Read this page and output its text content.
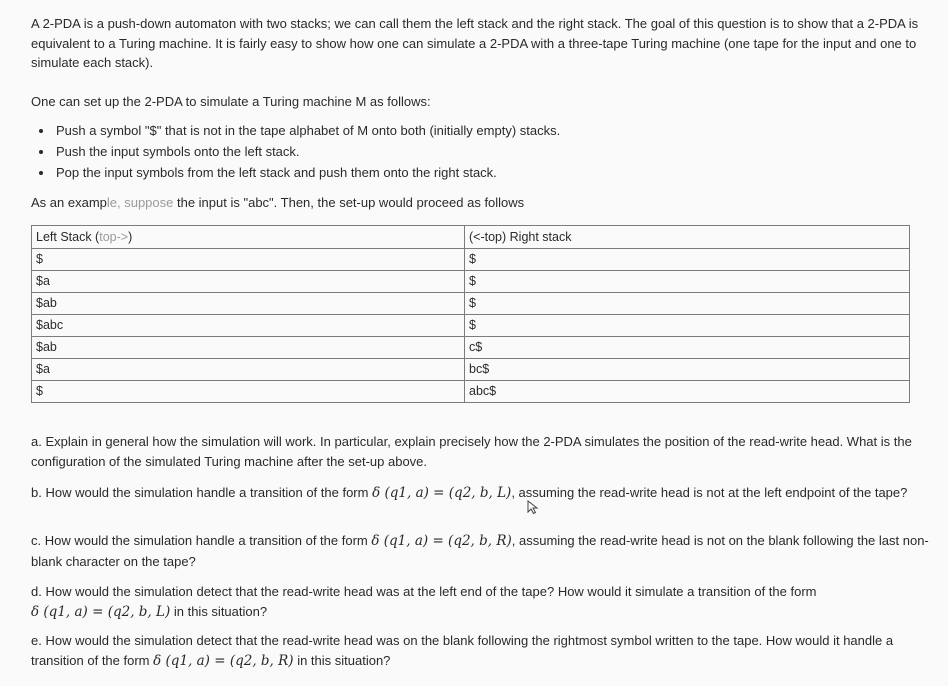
A 2-PDA is a push-down automaton with two stacks; we can call them the left stack and the right stack. The goal of this question is to show that a 2-PDA is equivalent to a Turing machine. It is fairly easy to show how one can simulate a 2-PDA with a three-tape Turing machine (one tape for the input and one to simulate each stack).

One can set up the 2-PDA to simulate a Turing machine M as follows:

• Push a symbol "$" that is not in the tape alphabet of M onto both (initially empty) stacks.
• Push the input symbols onto the left stack.
• Pop the input symbols from the left stack and push them onto the right stack.

As an example, suppose the input is "abc". Then, the set-up would proceed as follows

Left Stack (top->)	(<-top) Right stack
$	$
$a	$
$ab	$
$abc	$
$ab	c$
$a	bc$
$	abc$

a. Explain in general how the simulation will work. In particular, explain precisely how the 2-PDA simulates the position of the read-write head. What is the configuration of the simulated Turing machine after the set-up above.

b. How would the simulation handle a transition of the form δ (q1, a) = (q2, b, L), assuming the read-write head is not at the left endpoint of the tape?

c. How would the simulation handle a transition of the form δ (q1, a) = (q2, b, R), assuming the read-write head is not on the blank following the last non-blank character on the tape?

d. How would the simulation detect that the read-write head was at the left end of the tape? How would it simulate a transition of the form δ (q1, a) = (q2, b, L) in this situation?

e. How would the simulation detect that the read-write head was on the blank following the rightmost symbol written to the tape. How would it handle a transition of the form δ (q1, a) = (q2, b, R) in this situation?
